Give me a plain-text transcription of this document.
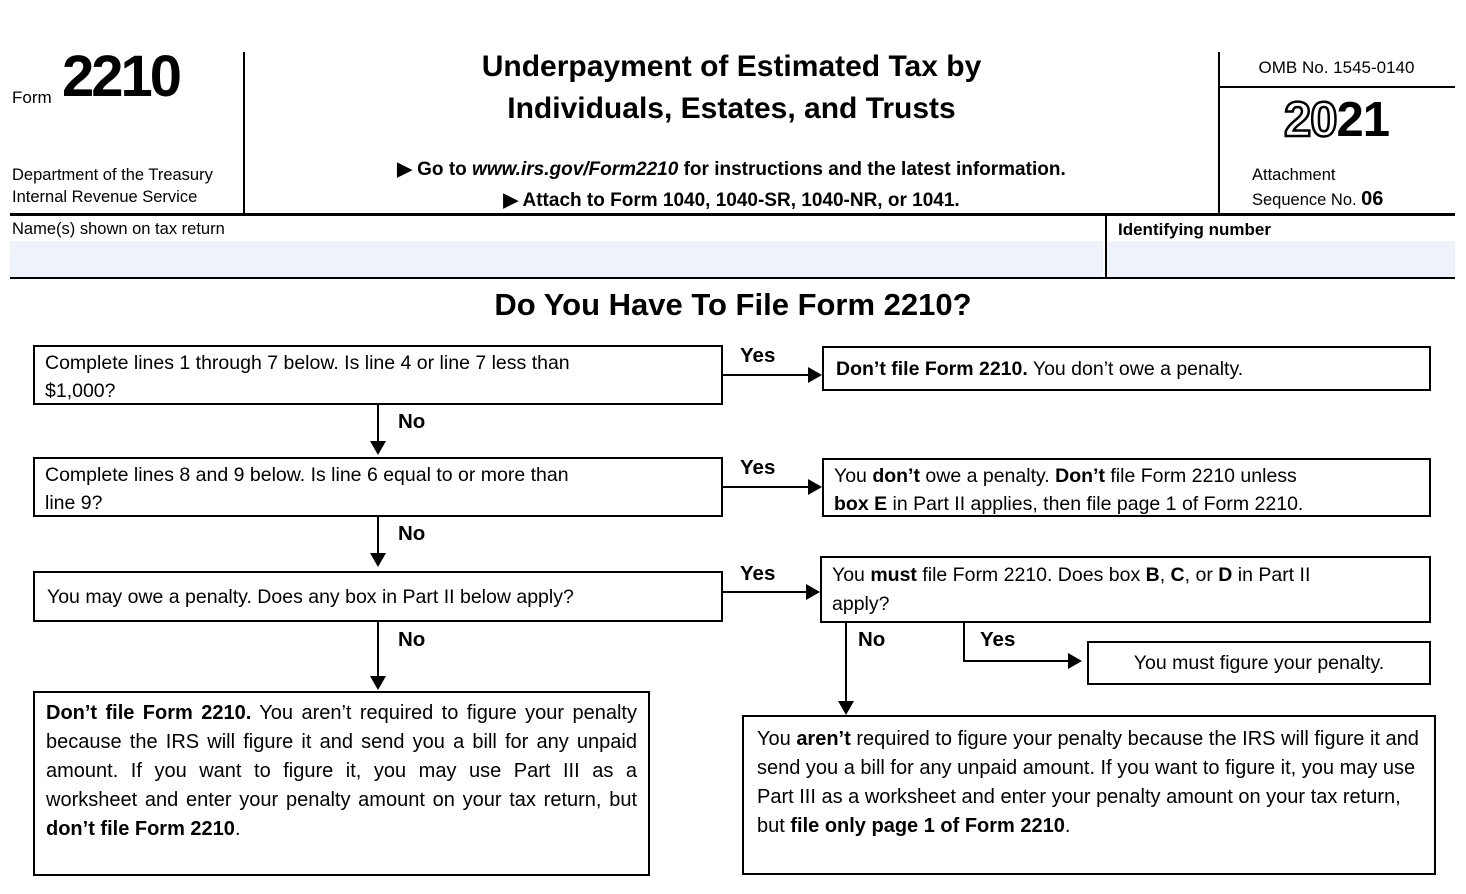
Form 2210
Department of the Treasury
Internal Revenue Service
Underpayment of Estimated Tax by
Individuals, Estates, and Trusts
▶ Go to www.irs.gov/Form2210 for instructions and the latest information.
▶ Attach to Form 1040, 1040-SR, 1040-NR, or 1041.
OMB No. 1545-0140
2021
Attachment
Sequence No. 06
Name(s) shown on tax return	Identifying number
Do You Have To File Form 2210?
Complete lines 1 through 7 below. Is line 4 or line 7 less than
$1,000?
Yes
Don’t file Form 2210. You don’t owe a penalty.
No
Complete lines 8 and 9 below. Is line 6 equal to or more than
line 9?
Yes	You don’t owe a penalty. Don’t file Form 2210 unless
box E in Part II applies, then file page 1 of Form 2210.
No
You may owe a penalty. Does any box in Part II below apply?
Yes	You must file Form 2210. Does box B, C, or D in Part II
apply?
No	No	Yes
You must figure your penalty.
Don’t file Form 2210. You aren’t required to figure your penalty because the IRS will figure it and send you a bill for any unpaid amount. If you want to figure it, you may use Part III as a worksheet and enter your penalty amount on your tax return, but don’t file Form 2210.
You aren’t required to figure your penalty because the IRS will figure it and send you a bill for any unpaid amount. If you want to figure it, you may use Part III as a worksheet and enter your penalty amount on your tax return, but file only page 1 of Form 2210.
